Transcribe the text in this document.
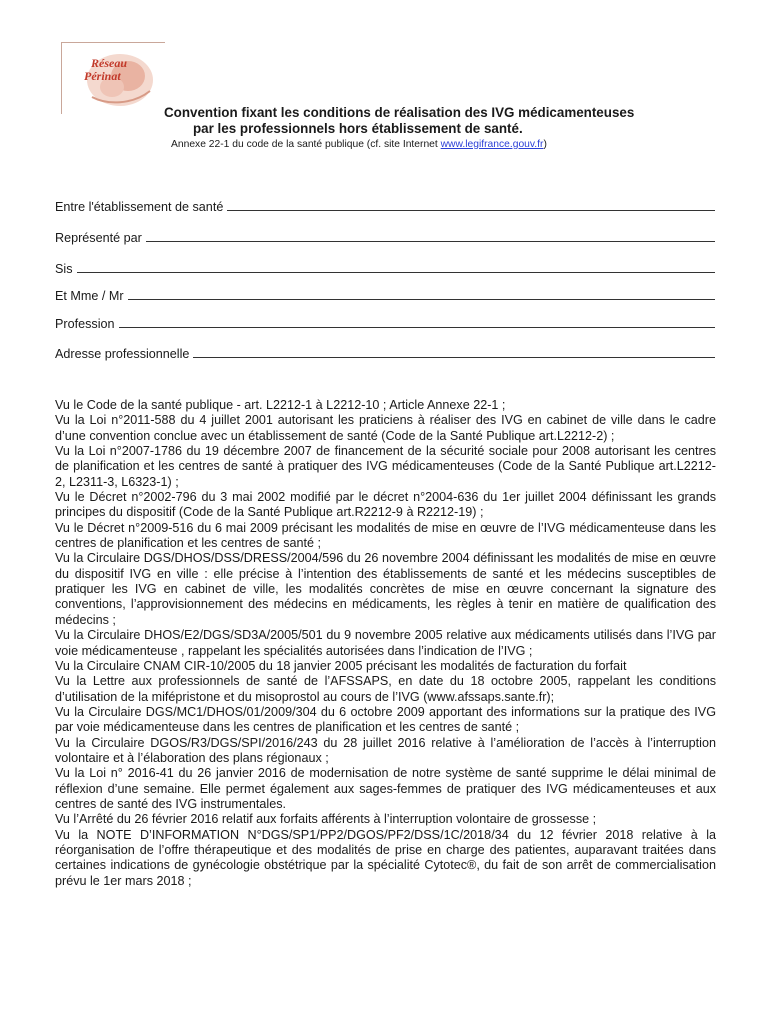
Réseau
Périnat
Convention fixant les conditions de réalisation des IVG médicamenteuses
par les professionnels hors établissement de santé.
Annexe 22-1 du code de la santé publique (cf. site Internet www.legifrance.gouv.fr)
Entre l'établissement de santé
Représenté par
Sis
Et Mme / Mr
Profession
Adresse professionnelle

Vu le Code de la santé publique - art. L2212-1 à L2212-10 ; Article Annexe 22-1 ;

Vu la Loi n°2011-588 du 4 juillet 2001 autorisant les praticiens à réaliser des IVG en cabinet de ville dans le cadre d’une convention conclue avec un établissement de santé (Code de la Santé Publique art.L2212-2) ;

Vu la Loi n°2007-1786 du 19 décembre 2007 de financement de la sécurité sociale pour 2008 autorisant les centres de planification et les centres de santé à pratiquer des IVG médicamenteuses (Code de la Santé Publique art.L2212-2, L2311-3, L6323-1) ;

Vu le Décret n°2002-796 du 3 mai 2002 modifié par le décret n°2004-636 du 1er juillet 2004 définissant les grands principes du dispositif (Code de la Santé Publique art.R2212-9 à R2212-19) ;

Vu le Décret n°2009-516 du 6 mai 2009 précisant les modalités de mise en œuvre de l’IVG médicamenteuse dans les centres de planification et les centres de santé ;

Vu la Circulaire DGS/DHOS/DSS/DRESS/2004/596 du 26 novembre 2004 définissant les modalités de mise en œuvre du dispositif IVG en ville : elle précise à l’intention des établissements de santé et les médecins susceptibles de pratiquer les IVG en cabinet de ville, les modalités concrètes de mise en œuvre concernant la signature des conventions, l’approvisionnement des médecins en médicaments, les règles à tenir en matière de qualification des médecins ;

Vu la Circulaire DHOS/E2/DGS/SD3A/2005/501 du 9 novembre 2005 relative aux médicaments utilisés dans l’IVG par voie médicamenteuse , rappelant les spécialités autorisées dans l’indication de l’IVG ;

Vu la Circulaire CNAM CIR-10/2005 du 18 janvier 2005 précisant les modalités de facturation du forfait

Vu la Lettre aux professionnels de santé de l’AFSSAPS, en date du 18 octobre 2005, rappelant les conditions d’utilisation de la mifépristone et du misoprostol au cours de l’IVG (www.afssaps.sante.fr);

Vu la Circulaire DGS/MC1/DHOS/01/2009/304 du 6 octobre 2009 apportant des informations sur la pratique des IVG par voie médicamenteuse dans les centres de planification et les centres de santé ;

Vu la Circulaire DGOS/R3/DGS/SPI/2016/243 du 28 juillet 2016 relative à l’amélioration de l’accès à l’interruption volontaire et à l’élaboration des plans régionaux ;

Vu la Loi n° 2016-41 du 26 janvier 2016 de modernisation de notre système de santé supprime le délai minimal de réflexion d’une semaine. Elle permet également aux sages-femmes de pratiquer des IVG médicamenteuses et aux centres de santé des IVG instrumentales.

Vu l’Arrêté du 26 février 2016 relatif aux forfaits afférents à l’interruption volontaire de grossesse ;

Vu la NOTE D’INFORMATION N°DGS/SP1/PP2/DGOS/PF2/DSS/1C/2018/34 du 12 février 2018 relative à la réorganisation de l’offre thérapeutique et des modalités de prise en charge des patientes, auparavant traitées dans certaines indications de gynécologie obstétrique par la spécialité Cytotec®, du fait de son arrêt de commercialisation prévu le 1er mars 2018 ;
